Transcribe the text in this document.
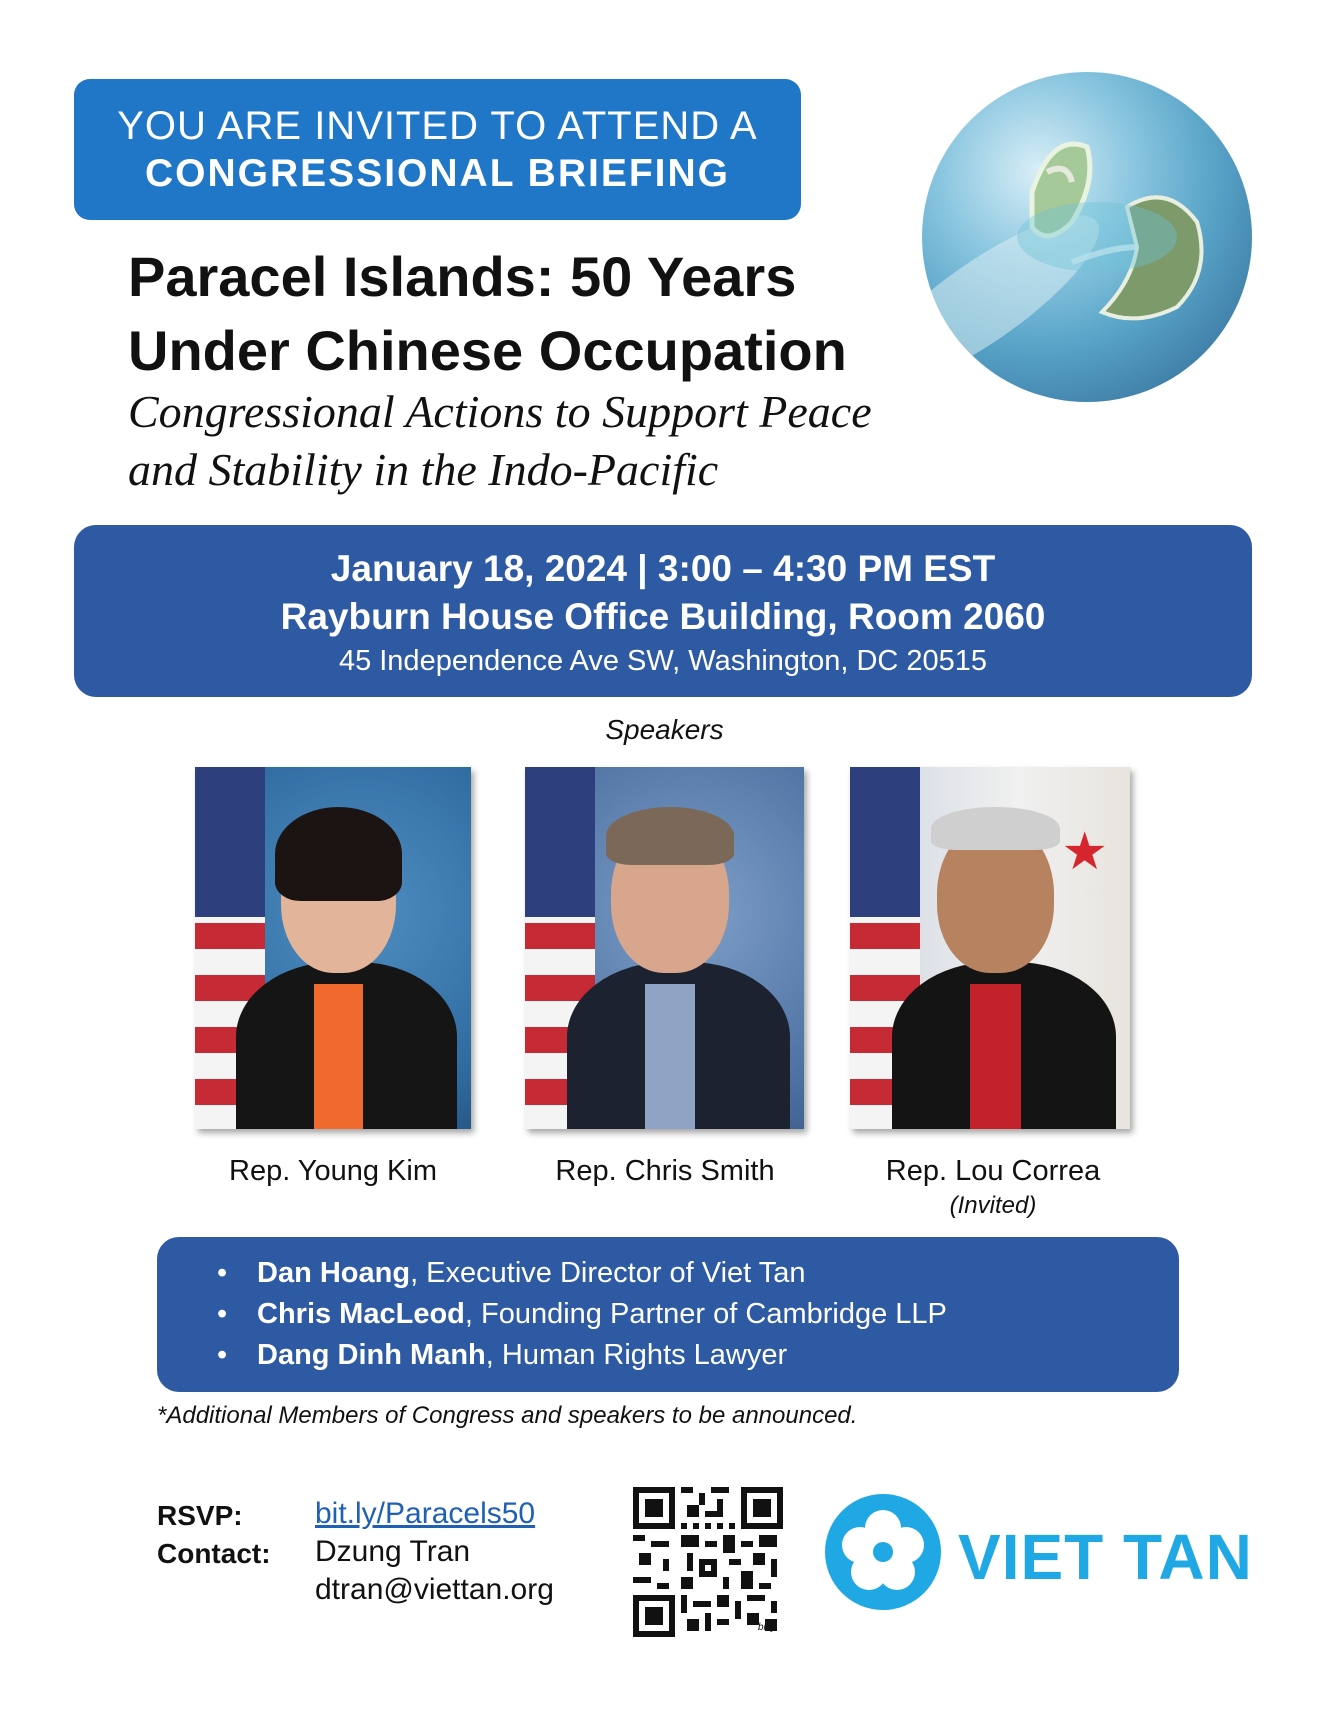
YOU ARE INVITED TO ATTEND A
CONGRESSIONAL BRIEFING
Paracel Islands: 50 Years
Under Chinese Occupation
Congressional Actions to Support Peace
and Stability in the Indo-Pacific
January 18, 2024 | 3:00 – 4:30 PM EST
Rayburn House Office Building, Room 2060
45 Independence Ave SW, Washington, DC 20515
Speakers
★
Rep. Young Kim	Rep. Chris Smith	Rep. Lou Correa
(Invited)
• Dan Hoang, Executive Director of Viet Tan
• Chris MacLeod, Founding Partner of Cambridge LLP
• Dang Dinh Manh, Human Rights Lawyer
*Additional Members of Congress and speakers to be announced.
RSVP: bit.ly/Paracels50
Contact: Dzung Tran
dtran@viettan.org
bitly
VIET TAN
